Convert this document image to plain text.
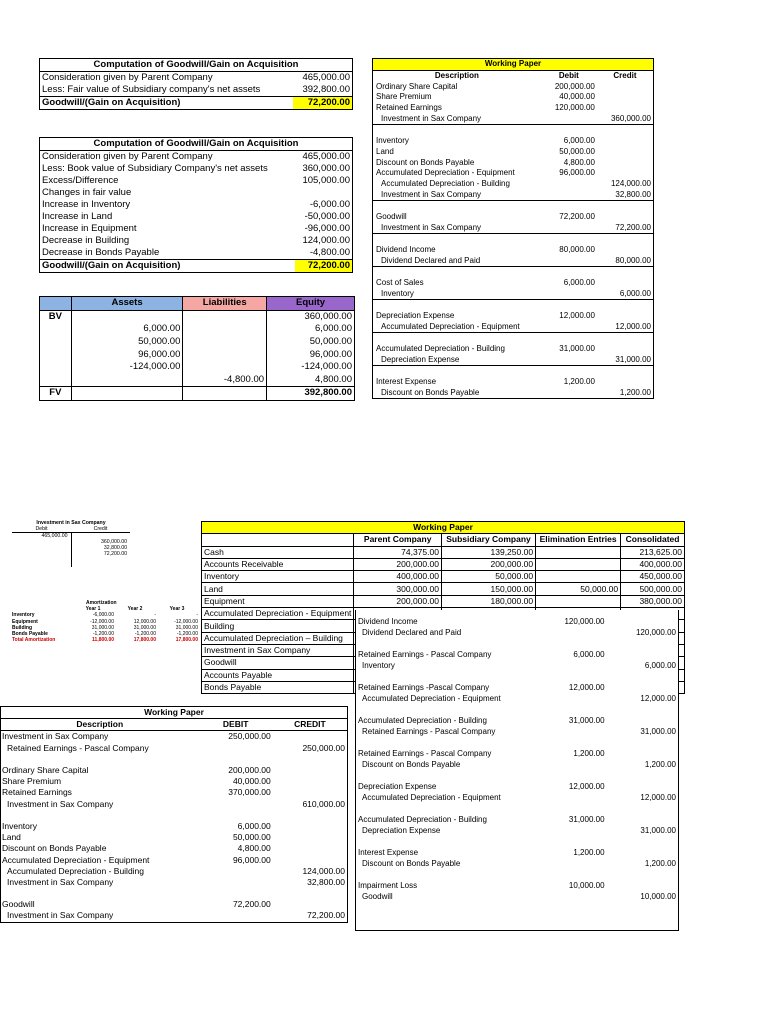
Computation of Goodwill/Gain on Acquisition	
Consideration given by Parent Company	465,000.00
Less: Fair value of Subsidiary company's net assets	392,800.00
Goodwill/(Gain on Acquisition)	72,200.00
Computation of Goodwill/Gain on Acquisition	
Consideration given by Parent Company	465,000.00
Less: Book value of Subsidiary Company's net assets	360,000.00
Excess/Difference	105,000.00
Changes in fair value	
Increase in Inventory	-6,000.00
Increase in Land	-50,000.00
Increase in Equipment	-96,000.00
Decrease in Building	124,000.00
Decrease in Bonds Payable	-4,800.00
Goodwill/(Gain on Acquisition)	72,200.00
	Assets	Liabilities	Equity
BV			360,000.00
	6,000.00		6,000.00
	50,000.00		50,000.00
	96,000.00		96,000.00
	-124,000.00		-124,000.00
		-4,800.00	4,800.00
FV			392,800.00
Working Paper		
Description	Debit	Credit
Ordinary Share Capital	200,000.00	
Share Premium	40,000.00	
Retained Earnings	120,000.00	
Investment in Sax Company		360,000.00

Inventory	6,000.00	
Land	50,000.00	
Discount on Bonds Payable	4,800.00	
Accumulated Depreciation - Equipment	96,000.00	
Accumulated Depreciation - Building		124,000.00
Investment in Sax Company		32,800.00

Goodwill	72,200.00	
Investment in Sax Company		72,200.00

Dividend Income	80,000.00	
Dividend Declared and Paid		80,000.00

Cost of Sales	6,000.00	
Inventory		6,000.00

Depreciation Expense	12,000.00	
Accumulated Depreciation - Equipment		12,000.00

Accumulated Depreciation - Building	31,000.00	
Depreciation Expense		31,000.00

Interest Expense	1,200.00	
Discount on Bonds Payable		1,200.00
Investment in Sax Company
Debit	Credit
465,000.00
360,000.00
32,800.00
72,200.00
Amortization
Year 1	Year 2	Year 3
Inventory	-6,000.00	-	-
Equipment	-12,000.00	12,000.00	-12,000.00
Building	31,000.00	31,000.00	31,000.00
Bonds Payable	-1,200.00	-1,200.00	-1,200.00
Total Amortization	11,800.00	17,800.00	17,800.00
Working Paper				
	Parent Company	Subsidiary Company	Elimination Entries	Consolidated
Cash	74,375.00	139,250.00		213,625.00
Accounts Receivable	200,000.00	200,000.00		400,000.00
Inventory	400,000.00	50,000.00		450,000.00
Land	300,000.00	150,000.00	50,000.00	500,000.00
Equipment	200,000.00	180,000.00		380,000.00
Accumulated Depreciation - Equipment				
Building				
Accumulated Depreciation – Building				
Investment in Sax Company				
Goodwill				
Accounts Payable				
Bonds Payable				
Working Paper		
Description	DEBIT	CREDIT
Investment in Sax Company	250,000.00	
Retained Earnings - Pascal Company		250,000.00

Ordinary Share Capital	200,000.00	
Share Premium	40,000.00	
Retained Earnings	370,000.00	
Investment in Sax Company		610,000.00

Inventory	6,000.00	
Land	50,000.00	
Discount on Bonds Payable	4,800.00	
Accumulated Depreciation - Equipment	96,000.00	
Accumulated Depreciation - Building		124,000.00
Investment in Sax Company		32,800.00

Goodwill	72,200.00	
Investment in Sax Company		72,200.00
Dividend Income	120,000.00	
Dividend Declared and Paid		120,000.00

Retained Earnings - Pascal Company	6,000.00	
Inventory		6,000.00

Retained Earnings -Pascal Company	12,000.00	
Accumulated Depreciation - Equipment		12,000.00

Accumulated Depreciation - Building	31,000.00	
Retained Earnings - Pascal Company		31,000.00

Retained Earnings - Pascal Company	1,200.00	
Discount on Bonds Payable		1,200.00

Depreciation Expense	12,000.00	
Accumulated Depreciation - Equipment		12,000.00

Accumulated Depreciation - Building	31,000.00	
Depreciation Expense		31,000.00

Interest Expense	1,200.00	
Discount on Bonds Payable		1,200.00

Impairment Loss	10,000.00	
Goodwill		10,000.00
